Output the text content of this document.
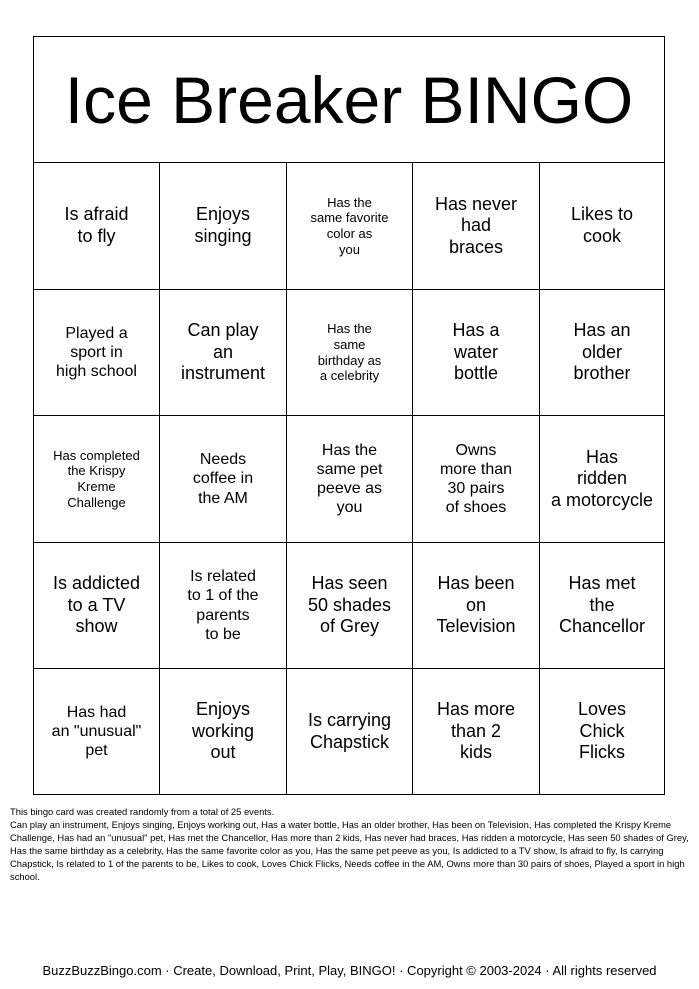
Ice Breaker BINGO
Is afraid
to fly
Enjoys
singing
Has the
same favorite
color as
you
Has never
had
braces
Likes to
cook
Played a
sport in
high school
Can play
an
instrument
Has the
same
birthday as
a celebrity
Has a
water
bottle
Has an
older
brother
Has completed
the Krispy
Kreme
Challenge
Needs
coffee in
the AM
Has the
same pet
peeve as
you
Owns
more than
30 pairs
of shoes
Has
ridden
a motorcycle
Is addicted
to a TV
show
Is related
to 1 of the
parents
to be
Has seen
50 shades
of Grey
Has been
on
Television
Has met
the
Chancellor
Has had
an "unusual"
pet
Enjoys
working
out
Is carrying
Chapstick
Has more
than 2
kids
Loves
Chick
Flicks

This bingo card was created randomly from a total of 25 events.

Can play an instrument, Enjoys singing, Enjoys working out, Has a water bottle, Has an older brother, Has been on Television, Has completed the Krispy Kreme Challenge, Has had an "unusual" pet, Has met the Chancellor, Has more than 2 kids, Has never had braces, Has ridden a motorcycle, Has seen 50 shades of Grey, Has the same birthday as a celebrity, Has the same favorite color as you, Has the same pet peeve as you, Is addicted to a TV show, Is afraid to fly, Is carrying Chapstick, Is related to 1 of the parents to be, Likes to cook, Loves Chick Flicks, Needs coffee in the AM, Owns more than 30 pairs of shoes, Played a sport in high school.

BuzzBuzzBingo.com · Create, Download, Print, Play, BINGO! · Copyright © 2003-2024 · All rights reserved
